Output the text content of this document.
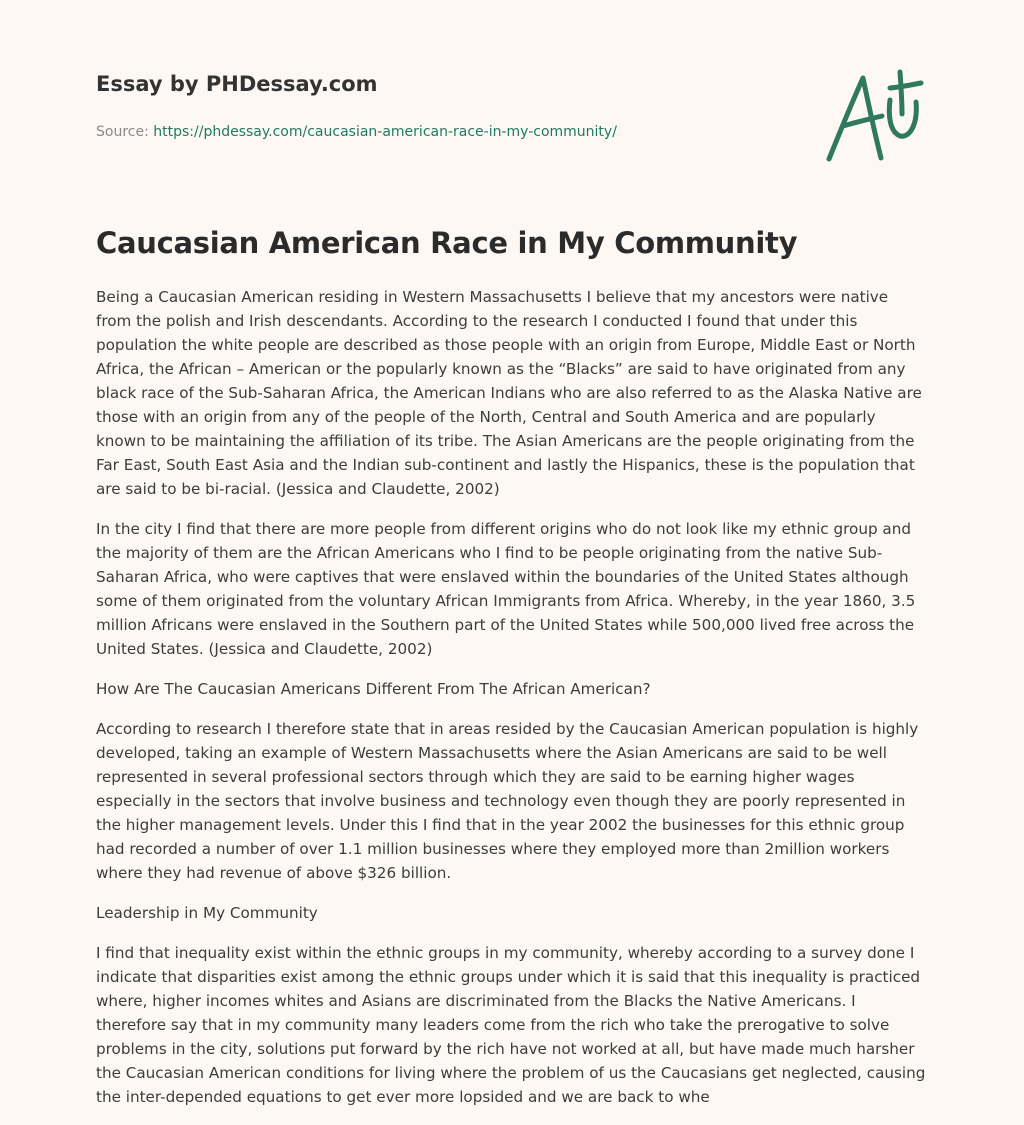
Essay by PHDessay.com
Source: https://phdessay.com/caucasian-american-race-in-my-community/
Caucasian American Race in My Community

Being a Caucasian American residing in Western Massachusetts I believe that my ancestors were native from the polish and Irish descendants. According to the research I conducted I found that under this population the white people are described as those people with an origin from Europe, Middle East or North Africa, the African – American or the popularly known as the “Blacks” are said to have originated from any black race of the Sub-Saharan Africa, the American Indians who are also referred to as the Alaska Native are those with an origin from any of the people of the North, Central and South America and are popularly known to be maintaining the affiliation of its tribe. The Asian Americans are the people originating from the Far East, South East Asia and the Indian sub-continent and lastly the Hispanics, these is the population that are said to be bi-racial. (Jessica and Claudette, 2002)

In the city I find that there are more people from different origins who do not look like my ethnic group and the majority of them are the African Americans who I find to be people originating from the native Sub-Saharan Africa, who were captives that were enslaved within the boundaries of the United States although some of them originated from the voluntary African Immigrants from Africa. Whereby, in the year 1860, 3.5 million Africans were enslaved in the Southern part of the United States while 500,000 lived free across the United States. (Jessica and Claudette, 2002)

How Are The Caucasian Americans Different From The African American?

According to research I therefore state that in areas resided by the Caucasian American population is highly developed, taking an example of Western Massachusetts where the Asian Americans are said to be well represented in several professional sectors through which they are said to be earning higher wages especially in the sectors that involve business and technology even though they are poorly represented in the higher management levels. Under this I find that in the year 2002 the businesses for this ethnic group had recorded a number of over 1.1 million businesses where they employed more than 2million workers where they had revenue of above $326 billion.

Leadership in My Community

I find that inequality exist within the ethnic groups in my community, whereby according to a survey done I indicate that disparities exist among the ethnic groups under which it is said that this inequality is practiced where, higher incomes whites and Asians are discriminated from the Blacks the Native Americans. I therefore say that in my community many leaders come from the rich who take the prerogative to solve problems in the city, solutions put forward by the rich have not worked at all, but have made much harsher the Caucasian American conditions for living where the problem of us the Caucasians get neglected, causing the inter-depended equations to get ever more lopsided and we are back to whe
